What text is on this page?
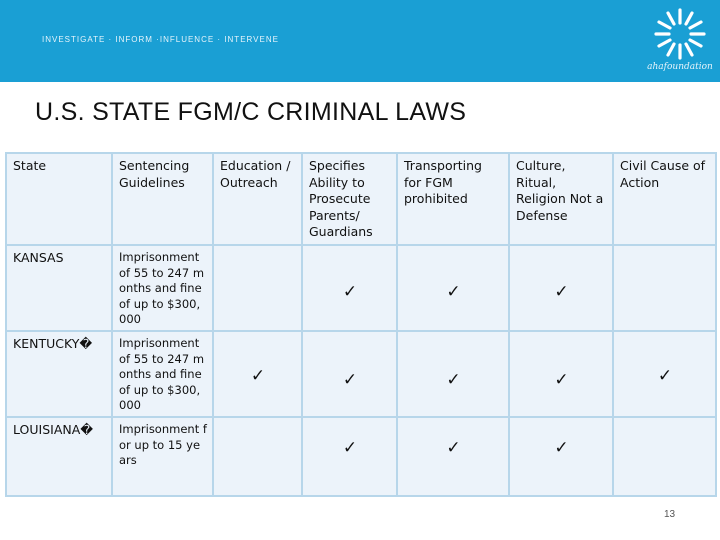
INVESTIGATE · INFORM ·INFLUENCE · INTERVENE
ahafoundation
U.S. STATE FGM/C CRIMINAL LAWS
State	Sentencing Guidelines	Education / Outreach	Specifies Ability to Prosecute Parents/ Guardians	Transporting for FGM prohibited	Culture, Ritual, Religion Not a Defense	Civil Cause of Action
KANSAS	Imprisonment of 55 to 247 months and fine of up to $300,000		✓	✓	✓	

KENTUCKY�	Imprisonment of 55 to 247 months and fine of up to $300,000	✓	✓	✓	✓	✓

LOUISIANA�	Imprisonment for up to 15 years		✓	✓	✓	

13
